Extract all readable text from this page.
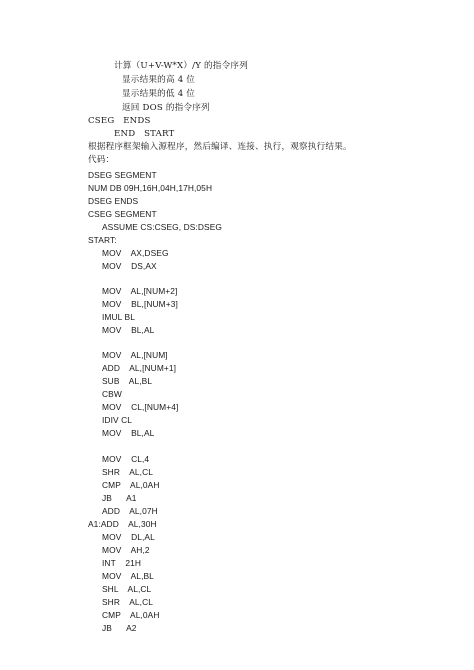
计算（U+V-W*X）/Y 的指令序列
显示结果的高 4 位
显示结果的低 4 位
返回 DOS 的指令序列
CSEG   ENDS
END   START
根据程序框架输入源程序，然后编译、连接、执行，观察执行结果。
代码：
DSEG SEGMENT
NUM DB 09H,16H,04H,17H,05H
DSEG ENDS
CSEG SEGMENT
ASSUME CS:CSEG, DS:DSEG
START:
MOV    AX,DSEG
MOV    DS,AX
MOV    AL,[NUM+2]
MOV    BL,[NUM+3]
IMUL BL
MOV    BL,AL
MOV    AL,[NUM]
ADD    AL,[NUM+1]
SUB    AL,BL
CBW
MOV    CL,[NUM+4]
IDIV CL
MOV    BL,AL
MOV    CL,4
SHR    AL,CL
CMP    AL,0AH
JB      A1
ADD    AL,07H
A1:ADD    AL,30H
MOV    DL,AL
MOV    AH,2
INT    21H
MOV    AL,BL
SHL    AL,CL
SHR    AL,CL
CMP    AL,0AH
JB      A2
